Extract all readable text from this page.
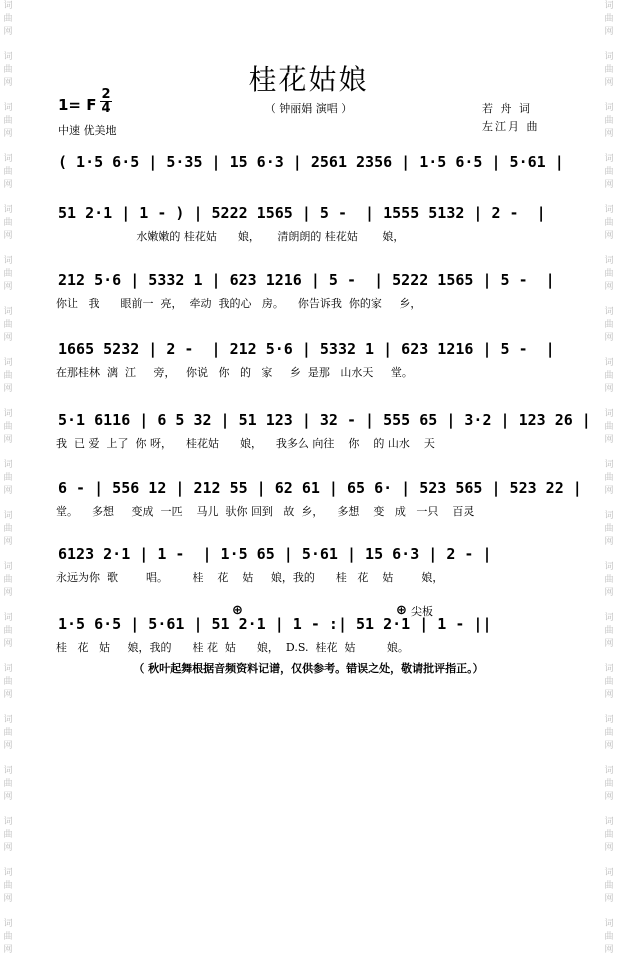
词
曲
网
词
曲
网
词
曲
网
词
曲
网
词
曲
网
词
曲
网
词
曲
网
词
曲
网
词
曲
网
词
曲
网
词
曲
网
词
曲
网
词
曲
网
词
曲
网
词
曲
网
词
曲
网
词
曲
网
词
曲
网
词
曲
网
词
曲
网
词
曲
网
词
曲
网
词
曲
网
词
曲
网
词
曲
网
词
曲
网
词
曲
网
词
曲
网
词
曲
网
词
曲
网
词
曲
网
词
曲
网
词
曲
网
词
曲
网
词
曲
网
词
曲
网
词
曲
网
词
曲
网
桂花姑娘
（ 钟丽娟 演唱 ）
1= F
2
4
中速 优美地
若 舟 词
左江月 曲
( 1·5 6·5 | 5·35 | 15 6·3 | 2561 2356 | 1·5 6·5 | 5·61 |
51 2·1 | 1 - ) | 5222 1565 | 5 -  | 1555 5132 | 2 -  |
水嫩嫩的 桂花姑      娘，     清朗朗的 桂花姑       娘，
212 5·6 | 5332 1 | 623 1216 | 5 -  | 5222 1565 | 5 -  |
你让   我      眼前一  亮，  牵动  我的心   房。    你告诉我  你的家     乡，
1665 5232 | 2 -  | 212 5·6 | 5332 1 | 623 1216 | 5 -  |
在那桂林  漓  江     旁，   你说   你   的   家     乡  是那   山水天     堂。
5·1 6116 | 6 5 32 | 51 123 | 32 - | 555 65 | 3·2 | 123 26 |
我  已 爱  上了  你 呀，    桂花姑      娘，    我多么 向往    你    的 山水    天
6 - | 556 12 | 212 55 | 62 61 | 65 6· | 523 565 | 523 22 |
堂。    多想     变成  一匹    马儿  驮你 回到   故  乡，    多想    变   成   一只    百灵
6123 2·1 | 1 -  | 1·5 65 | 5·61 | 15 6·3 | 2 - |
永远为你  歌        唱。       桂    花    姑     娘，我的      桂   花    姑        娘，
1·5 6·5 | 5·61 | 51 2·1 | 1 - :| 51 2·1 | 1 - ||
桂   花   姑     娘，我的      桂 花  姑      娘，  D.S.  桂花  姑         娘。
⊕	⊕ 尖板
（ 秋叶起舞根据音频资料记谱，仅供参考。错误之处，敬请批评指正。）
